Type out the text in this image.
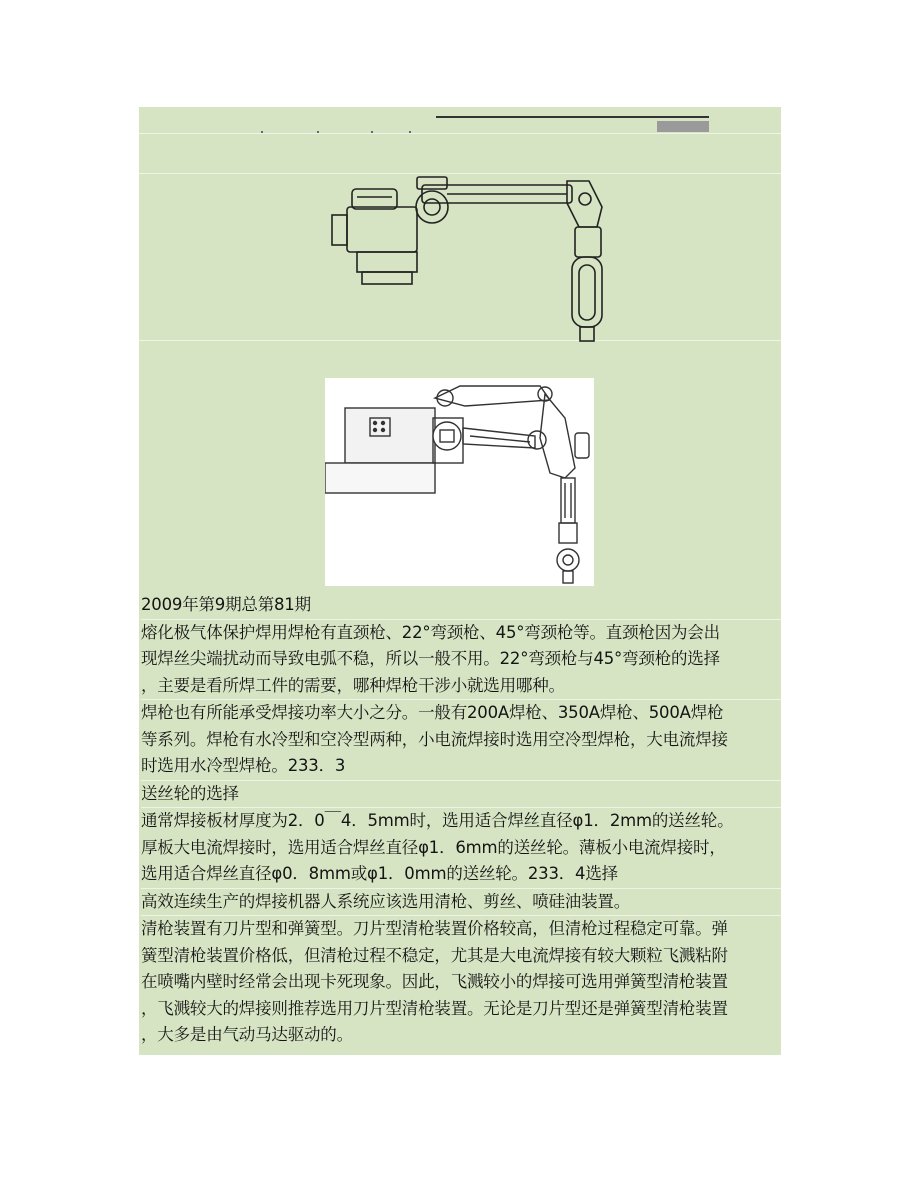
2009年第9期总第81期
熔化极气体保护焊用焊枪有直颈枪、22°弯颈枪、45°弯颈枪等。直颈枪因为会出
现焊丝尖端扰动而导致电弧不稳，所以一般不用。22°弯颈枪与45°弯颈枪的选择
，主要是看所焊工件的需要，哪种焊枪干涉小就选用哪种。
焊枪也有所能承受焊接功率大小之分。一般有200A焊枪、350A焊枪、500A焊枪
等系列。焊枪有水冷型和空冷型两种，小电流焊接时选用空冷型焊枪，大电流焊接
时选用水冷型焊枪。233．3
送丝轮的选择
通常焊接板材厚度为2．0￣4．5mm时，选用适合焊丝直径φ1．2mm的送丝轮。
厚板大电流焊接时，选用适合焊丝直径φ1．6mm的送丝轮。薄板小电流焊接时，
选用适合焊丝直径φ0．8mm或φ1．0mm的送丝轮。233．4选择
高效连续生产的焊接机器人系统应该选用清枪、剪丝、喷硅油装置。
清枪装置有刀片型和弹簧型。刀片型清枪装置价格较高，但清枪过程稳定可靠。弹
簧型清枪装置价格低，但清枪过程不稳定，尤其是大电流焊接有较大颗粒飞溅粘附
在喷嘴内壁时经常会出现卡死现象。因此，飞溅较小的焊接可选用弹簧型清枪装置
，飞溅较大的焊接则推荐选用刀片型清枪装置。无论是刀片型还是弹簧型清枪装置
，大多是由气动马达驱动的。
